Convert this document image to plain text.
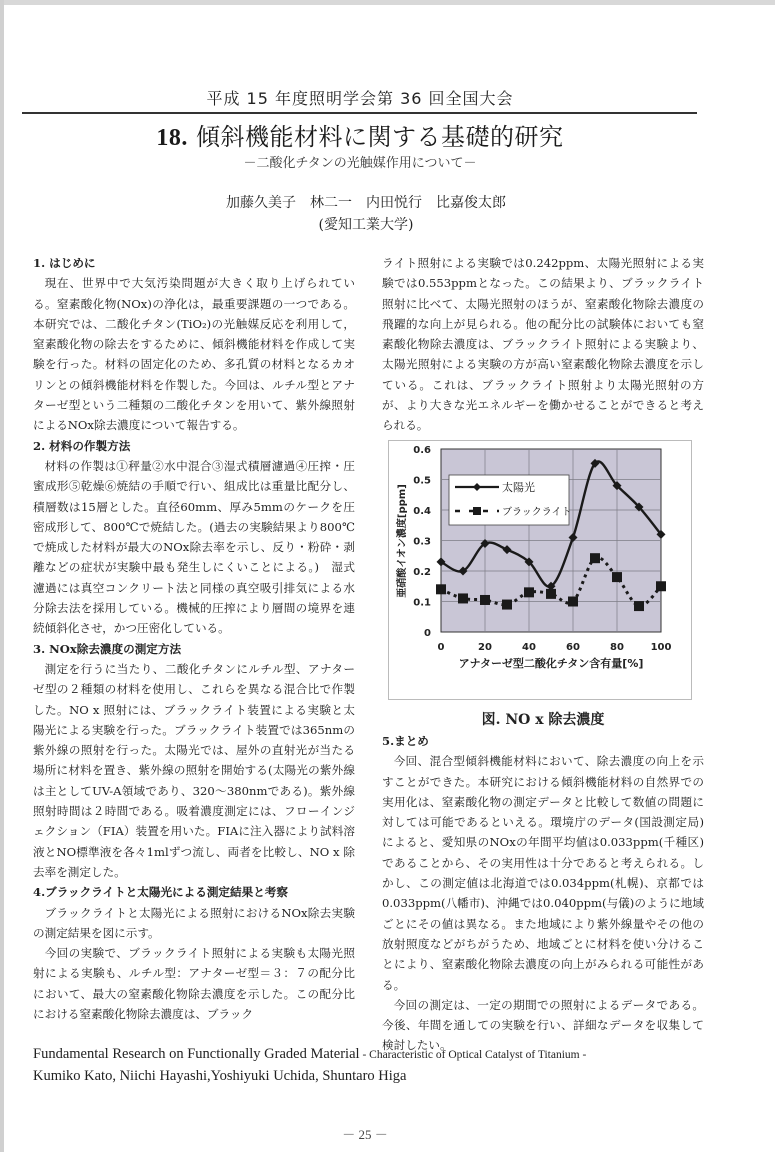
平成 15 年度照明学会第 36 回全国大会
18. 傾斜機能材料に関する基礎的研究
－二酸化チタンの光触媒作用について－
加藤久美子　林二一　内田悦行　比嘉俊太郎
(愛知工業大学)

1. はじめに

現在、世界中で大気汚染問題が大きく取り上げられている。窒素酸化物(NOx)の浄化は，最重要課題の一つである。本研究では、二酸化チタン(TiO₂)の光触媒反応を利用して，窒素酸化物の除去をするために、傾斜機能材料を作成して実験を行った。材料の固定化のため、多孔質の材料となるカオリンとの傾斜機能材料を作製した。今回は、ルチル型とアナターゼ型という二種類の二酸化チタンを用いて、紫外線照射によるNOx除去濃度について報告する。

2. 材料の作製方法

材料の作製は①秤量②水中混合③湿式積層濾過④圧搾・圧蜜成形⑤乾燥⑥焼結の手順で行い、組成比は重量比配分し、積層数は15層とした。直径60mm、厚み5mmのケークを圧密成形して、800℃で焼結した。(過去の実験結果より800℃で焼成した材料が最大のNOx除去率を示し、反り・粉砕・剥離などの症状が実験中最も発生しにくいことによる。)　湿式濾過には真空コンクリート法と同様の真空吸引排気による水分除去法を採用している。機械的圧搾により層間の境界を連続傾斜化させ，かつ圧密化している。

3. NOx除去濃度の測定方法

測定を行うに当たり、二酸化チタンにルチル型、アナターゼ型の２種類の材料を使用し、これらを異なる混合比で作製した。NO x 照射には、ブラックライト装置による実験と太陽光による実験を行った。ブラックライト装置では365nmの紫外線の照射を行った。太陽光では、屋外の直射光が当たる場所に材料を置き、紫外線の照射を開始する(太陽光の紫外線は主としてUV-A領域であり、320～380nmである)。紫外線照射時間は２時間である。吸着濃度測定には、フローインジェクション（FIA）装置を用いた。FIAに注入器により試料溶液とNO標準液を各々1mlずつ流し、両者を比較し、NO x 除去率を測定した。

4.ブラックライトと太陽光による測定結果と考察

ブラックライトと太陽光による照射におけるNOx除去実験の測定結果を図に示す。

今回の実験で、ブラックライト照射による実験も太陽光照射による実験も、ルチル型：アナターゼ型＝３：７の配分比において、最大の窒素酸化物除去濃度を示した。この配分比における窒素酸化物除去濃度は、ブラック

ライト照射による実験では0.242ppm、太陽光照射による実験では0.553ppmとなった。この結果より、ブラックライト照射に比べて、太陽光照射のほうが、窒素酸化物除去濃度の飛躍的な向上が見られる。他の配分比の試験体においても窒素酸化物除去濃度は、ブラックライト照射による実験より、太陽光照射による実験の方が高い窒素酸化物除去濃度を示している。これは、ブラックライト照射より太陽光照射の方が、より大きな光エネルギーを働かせることができると考えられる。

0
0.1
0.2
0.3
0.4
0.5
0.6
0	20	40	60	80	100
太陽光
ブラックライト
亜硝酸イオン濃度[ppm]
アナターゼ型二酸化チタン含有量[%]
図. NO x 除去濃度

5.まとめ

今回、混合型傾斜機能材料において、除去濃度の向上を示すことができた。本研究における傾斜機能材料の自然界での実用化は、窒素酸化物の測定データと比較して数値の問題に対しては可能であるといえる。環境庁のデータ(国設測定局)によると、愛知県のNOxの年間平均値は0.033ppm(千種区)であることから、その実用性は十分であると考えられる。しかし、この測定値は北海道では0.034ppm(札幌)、京都では0.033ppm(八幡市)、沖縄では0.040ppm(与儀)のように地域ごとにその値は異なる。また地域により紫外線量やその他の放射照度などがちがうため、地域ごとに材料を使い分けることにより、窒素酸化物除去濃度の向上がみられる可能性がある。

今回の測定は、一定の期間での照射によるデータである。今後、年間を通しての実験を行い、詳細なデータを収集して検討したい。

Fundamental Research on Functionally Graded Material - Characteristic of Optical Catalyst of Titanium -
Kumiko Kato, Niichi Hayashi,Yoshiyuki Uchida, Shuntaro Higa
－ 25 －
